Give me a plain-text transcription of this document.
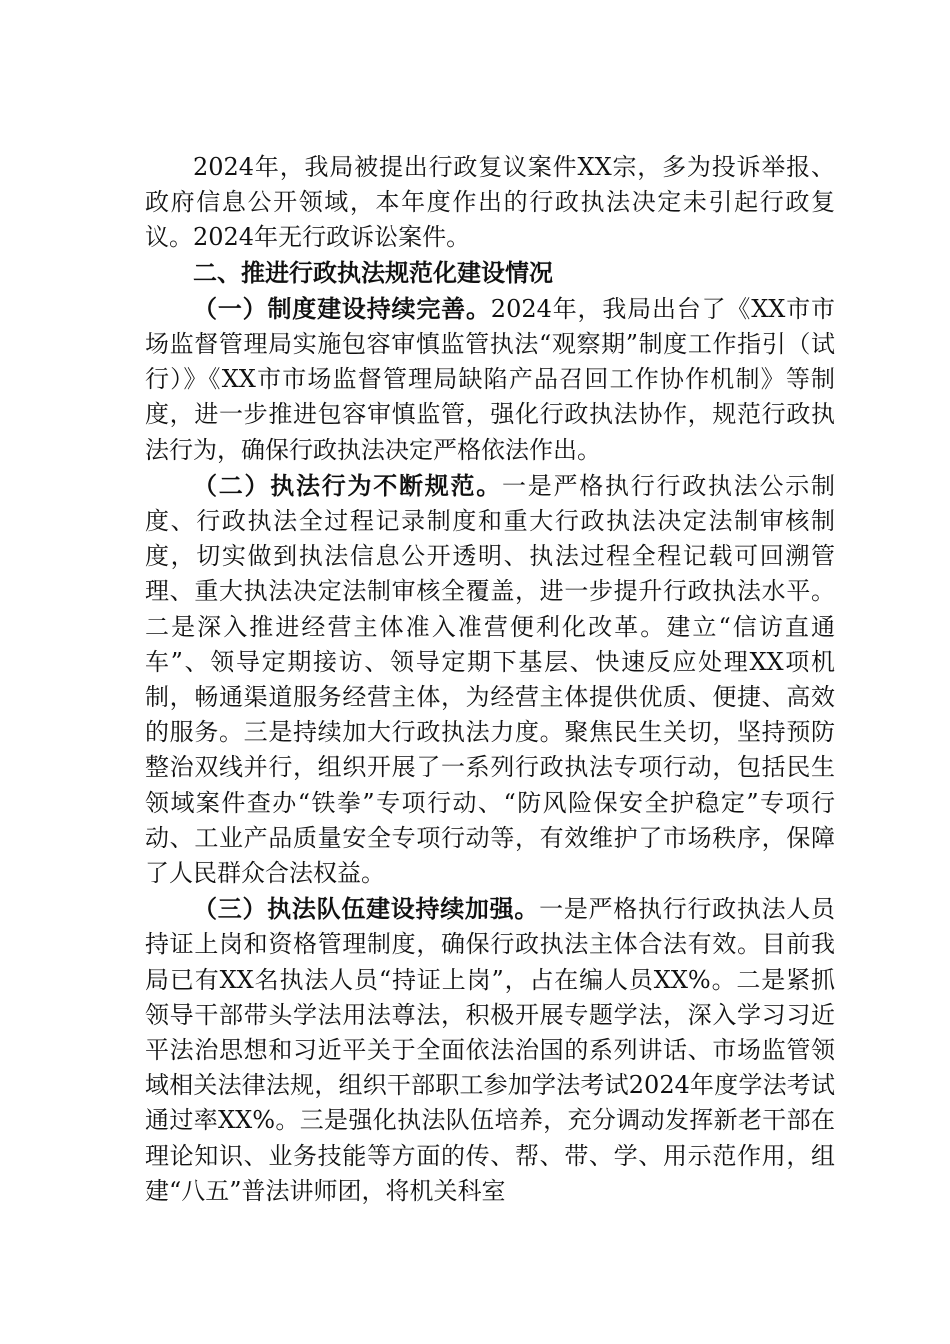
2024年，我局被提出行政复议案件XX宗，多为投诉举报、政府信息公开领域，本年度作出的行政执法决定未引起行政复议。2024年无行政诉讼案件。

二、推进行政执法规范化建设情况

（一）制度建设持续完善。2024年，我局出台了《XX市市场监督管理局实施包容审慎监管执法“观察期”制度工作指引（试行）》《XX市市场监督管理局缺陷产品召回工作协作机制》等制度，进一步推进包容审慎监管，强化行政执法协作，规范行政执法行为，确保行政执法决定严格依法作出。

（二）执法行为不断规范。一是严格执行行政执法公示制度、行政执法全过程记录制度和重大行政执法决定法制审核制度，切实做到执法信息公开透明、执法过程全程记载可回溯管理、重大执法决定法制审核全覆盖，进一步提升行政执法水平。二是深入推进经营主体准入准营便利化改革。建立“信访直通车”、领导定期接访、领导定期下基层、快速反应处理XX项机制，畅通渠道服务经营主体，为经营主体提供优质、便捷、高效的服务。三是持续加大行政执法力度。聚焦民生关切，坚持预防整治双线并行，组织开展了一系列行政执法专项行动，包括民生领域案件查办“铁拳”专项行动、“防风险保安全护稳定”专项行动、工业产品质量安全专项行动等，有效维护了市场秩序，保障了人民群众合法权益。

（三）执法队伍建设持续加强。一是严格执行行政执法人员持证上岗和资格管理制度，确保行政执法主体合法有效。目前我局已有XX名执法人员“持证上岗”，占在编人员XX%。二是紧抓领导干部带头学法用法尊法，积极开展专题学法，深入学习习近平法治思想和习近平关于全面依法治国的系列讲话、市场监管领域相关法律法规，组织干部职工参加学法考试2024年度学法考试通过率XX%。三是强化执法队伍培养，充分调动发挥新老干部在理论知识、业务技能等方面的传、帮、带、学、用示范作用，组建“八五”普法讲师团，将机关科室
